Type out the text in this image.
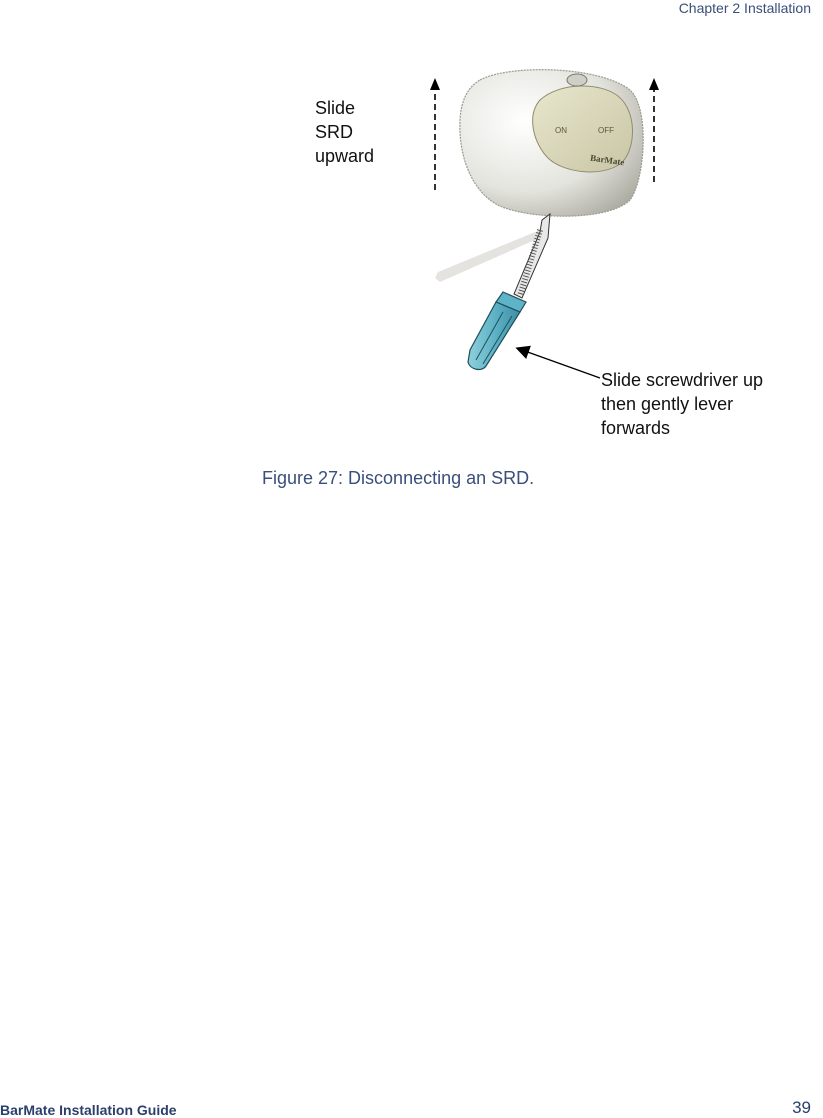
Chapter 2 Installation
ON	OFF
BarMate
Slide
SRD
upward
Slide screwdriver up
then gently lever
forwards
Figure 27: Disconnecting an SRD.
BarMate Installation Guide	39
